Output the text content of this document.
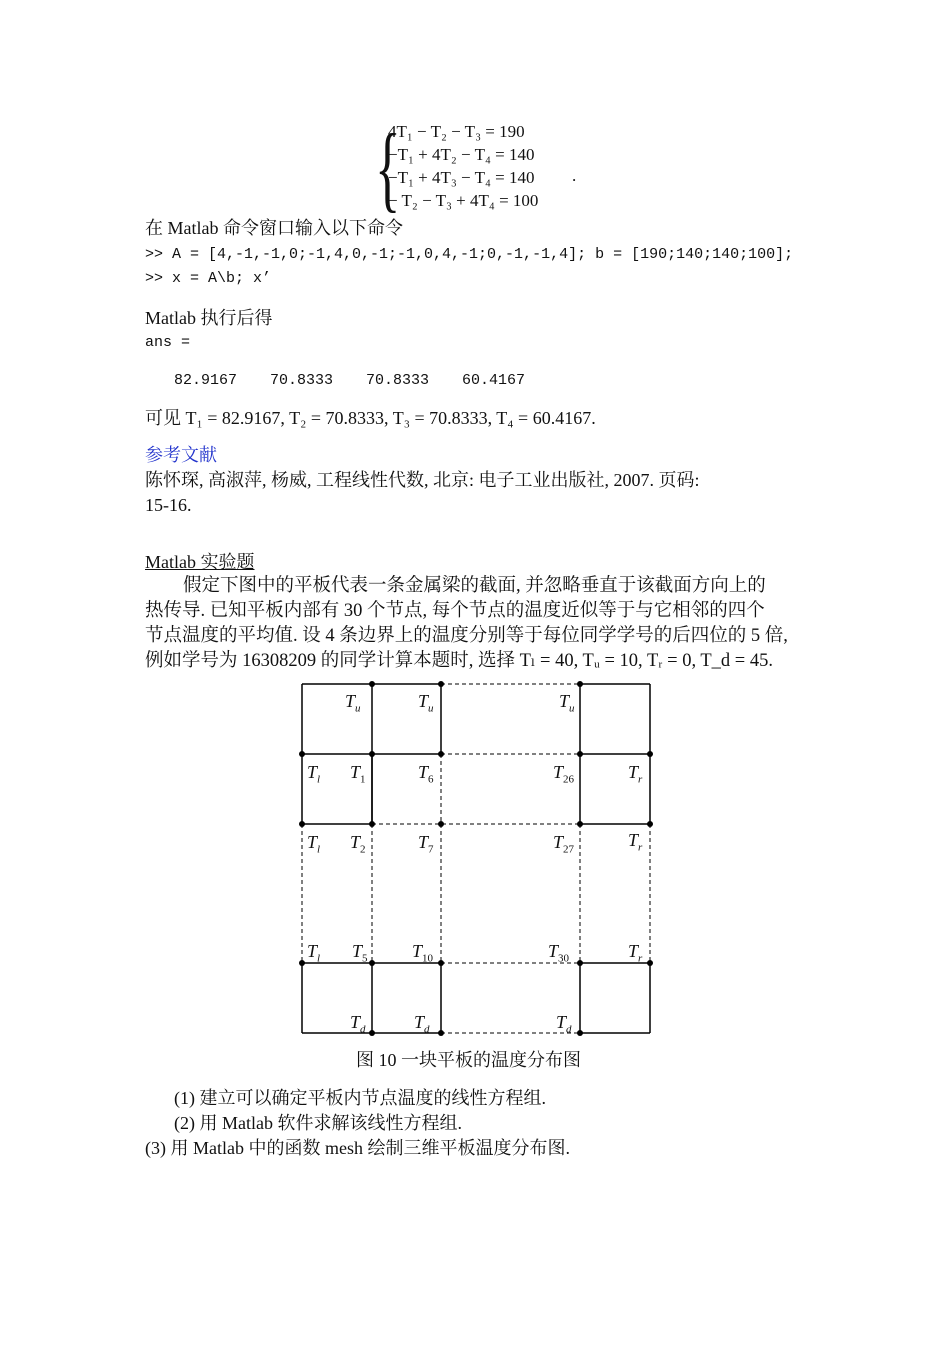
{
4T₁ − T₂ − T₃ = 190
−T₁ + 4T₂ − T₄ = 140
−T₁ + 4T₃ − T₄ = 140
− T₂ − T₃ + 4T₄ = 100
.
在 Matlab 命令窗口输入以下命令
>> A = [4,-1,-1,0;-1,4,0,-1;-1,0,4,-1;0,-1,-1,4]; b = [190;140;140;100];
>> x = A\b; x’
Matlab 执行后得
ans =
82.9167 70.8333 70.8333 60.4167
可见 T₁ = 82.9167, T₂ = 70.8333, T₃ = 70.8333, T₄ = 60.4167.
参考文献
陈怀琛, 高淑萍, 杨威, 工程线性代数, 北京: 电子工业出版社, 2007. 页码:
15-16.
Matlab 实验题
假定下图中的平板代表一条金属梁的截面, 并忽略垂直于该截面方向上的
热传导. 已知平板内部有 30 个节点, 每个节点的温度近似等于与它相邻的四个
节点温度的平均值. 设 4 条边界上的温度分别等于每位同学学号的后四位的 5 倍,
例如学号为 16308209 的同学计算本题时, 选择 Tₗ = 40, Tᵤ = 10, Tᵣ = 0, T_d = 45.
$T_u$	$T_u$	$T_u$
$T_l$ $T_1$	$T_6$	$T_{26}$	$T_r$
$T_l$ $T_2$	$T_7$	$T_{27}$	$T_r$
$T_l$ $T_5$ $T_{10}$	$T_{30}$	$T_r$
$T_d$	$T_d$	$T_d$
图 10 一块平板的温度分布图
(1) 建立可以确定平板内节点温度的线性方程组.
(2) 用 Matlab 软件求解该线性方程组.
(3) 用 Matlab 中的函数 mesh 绘制三维平板温度分布图.
